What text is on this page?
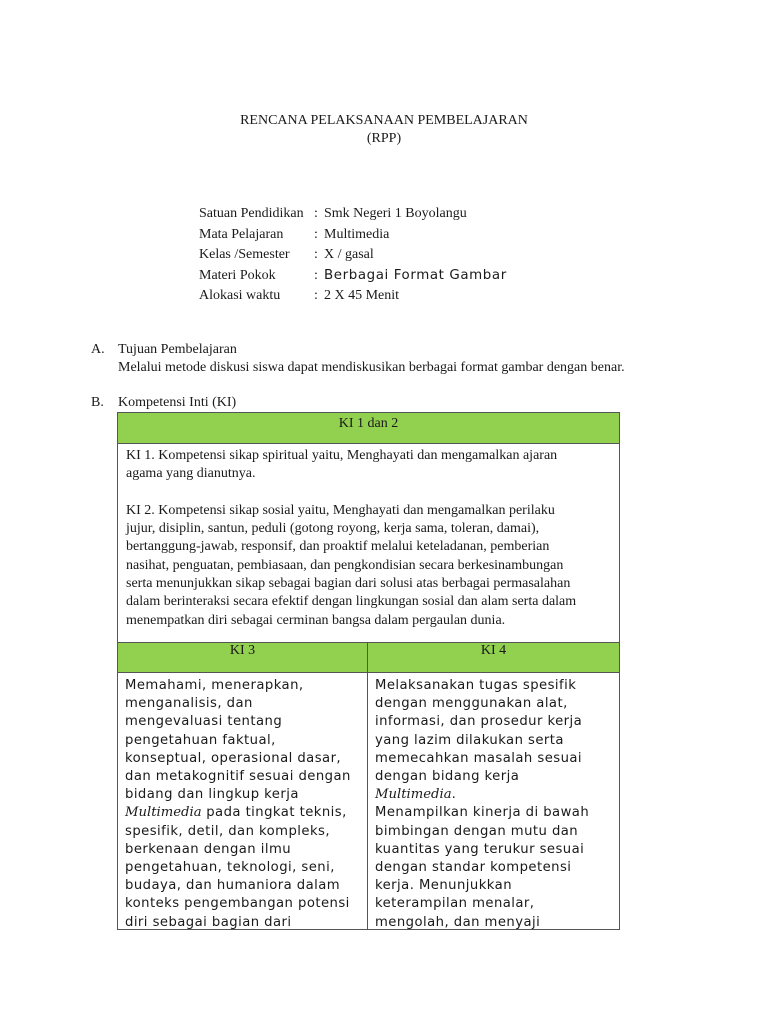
RENCANA PELAKSANAAN PEMBELAJARAN
(RPP)
Satuan Pendidikan : Smk Negeri 1 Boyolangu
Mata Pelajaran : Multimedia
Kelas /Semester : X / gasal
Materi Pokok	: Berbagai Format Gambar
Alokasi waktu : 2 X 45 Menit
A. Tujuan Pembelajaran
Melalui metode diskusi siswa dapat mendiskusikan berbagai format gambar dengan benar.
B. Kompetensi Inti (KI)
KI 1 dan 2

KI 1. Kompetensi sikap spiritual yaitu, Menghayati dan mengamalkan ajaran
agama yang dianutnya.

KI 2. Kompetensi sikap sosial yaitu, Menghayati dan mengamalkan perilaku
jujur, disiplin, santun, peduli (gotong royong, kerja sama, toleran, damai),
bertanggung-jawab, responsif, dan proaktif melalui keteladanan, pemberian
nasihat, penguatan, pembiasaan, dan pengkondisian secara berkesinambungan
serta menunjukkan sikap sebagai bagian dari solusi atas berbagai permasalahan
dalam berinteraksi secara efektif dengan lingkungan sosial dan alam serta dalam
menempatkan diri sebagai cerminan bangsa dalam pergaulan dunia.

KI 3	KI 4
Memahami, menerapkan,
menganalisis, dan
mengevaluasi tentang
pengetahuan faktual,
konseptual, operasional dasar,
dan metakognitif sesuai dengan
bidang dan lingkup kerja
Multimedia pada tingkat teknis,
spesifik, detil, dan kompleks,
berkenaan dengan ilmu
pengetahuan, teknologi, seni,
budaya, dan humaniora dalam
konteks pengembangan potensi
diri sebagai bagian dari
Melaksanakan tugas spesifik
dengan menggunakan alat,
informasi, dan prosedur kerja
yang lazim dilakukan serta
memecahkan masalah sesuai
dengan bidang kerja
Multimedia.
Menampilkan kinerja di bawah
bimbingan dengan mutu dan
kuantitas yang terukur sesuai
dengan standar kompetensi
kerja. Menunjukkan
keterampilan menalar,
mengolah, dan menyaji
